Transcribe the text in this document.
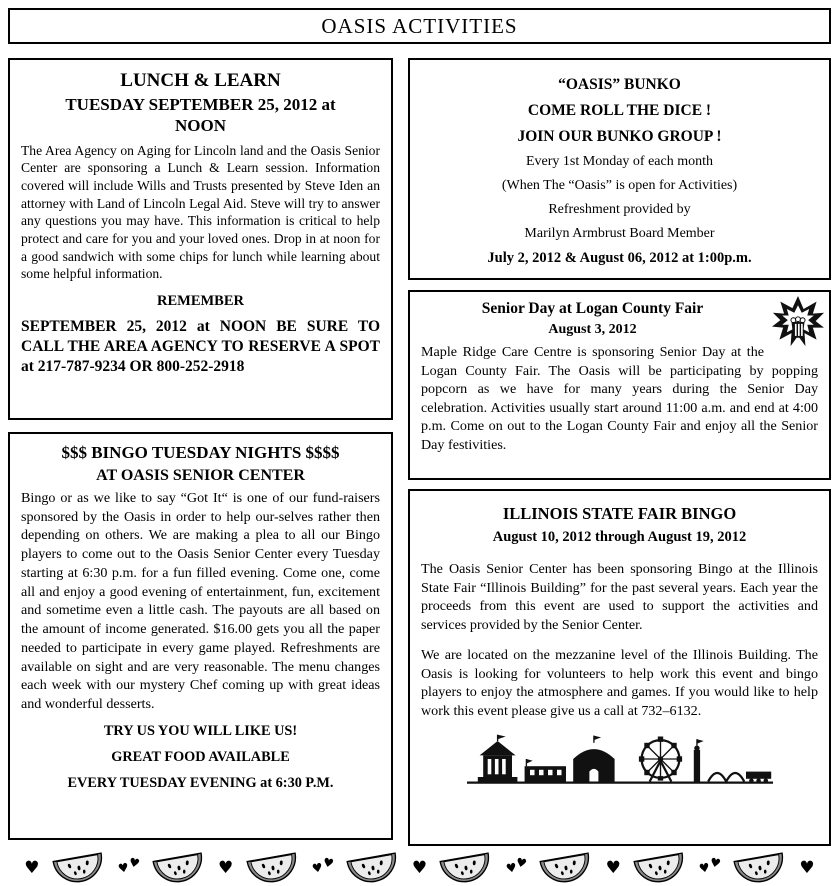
OASIS ACTIVITIES
LUNCH & LEARN
TUESDAY SEPTEMBER 25, 2012 at NOON

The Area Agency on Aging for Lincoln land and the Oasis Senior Center are sponsoring a Lunch & Learn session. Information covered will include Wills and Trusts presented by Steve Iden an attorney with Land of Lincoln Legal Aid. Steve will try to answer any questions you may have. This information is critical to help protect and care for you and your loved ones. Drop in at noon for a good sandwich with some chips for lunch while learning about some helpful information.

REMEMBER

SEPTEMBER 25, 2012 at NOON BE SURE TO CALL THE AREA AGENCY TO RESERVE A SPOT at 217-787-9234 OR 800-252-2918

$$$ BINGO TUESDAY NIGHTS $$$$
AT OASIS SENIOR CENTER

Bingo or as we like to say “Got It“ is one of our fund-raisers sponsored by the Oasis in order to help our-selves rather then depending on others. We are making a plea to all our Bingo players to come out to the Oasis Senior Center every Tuesday starting at 6:30 p.m. for a fun filled evening. Come one, come all and enjoy a good evening of entertainment, fun, excitement and sometime even a little cash. The payouts are all based on the amount of income generated. $16.00 gets you all the paper needed to participate in every game played. Refreshments are available on sight and are very reasonable. The menu changes each week with our mystery Chef coming up with great ideas and wonderful desserts.

TRY US YOU WILL LIKE US!
GREAT FOOD AVAILABLE
EVERY TUESDAY EVENING at 6:30 P.M.
“OASIS” BUNKO
COME ROLL THE DICE !
JOIN OUR BUNKO GROUP !
Every 1st Monday of each month
(When The “Oasis” is open for Activities)
Refreshment provided by
Marilyn Armbrust Board Member
July 2, 2012 & August 06, 2012 at 1:00p.m.
Senior Day at Logan County Fair
August 3, 2012

Maple Ridge Care Centre is sponsoring Senior Day at the Logan County Fair. The Oasis will be participating by popping popcorn as we have for many years during the Senior Day celebration. Activities usually start around 11:00 a.m. and end at 4:00 p.m. Come on out to the Logan County Fair and enjoy all the Senior Day festivities.

ILLINOIS STATE FAIR BINGO
August 10, 2012 through August 19, 2012

The Oasis Senior Center has been sponsoring Bingo at the Illinois State Fair “Illinois Building” for the past several years. Each year the proceeds from this event are used to support the activities and services provided by the Senior Center.

We are located on the mezzanine level of the Illinois Building. The Oasis is looking for volunteers to help work this event and bingo players to enjoy the atmosphere and games. If you would like to help work this event please give us a call at 732–6132.

♥	♥
♥	♥	♥
♥	♥	♥
♥	♥	♥
♥	♥
